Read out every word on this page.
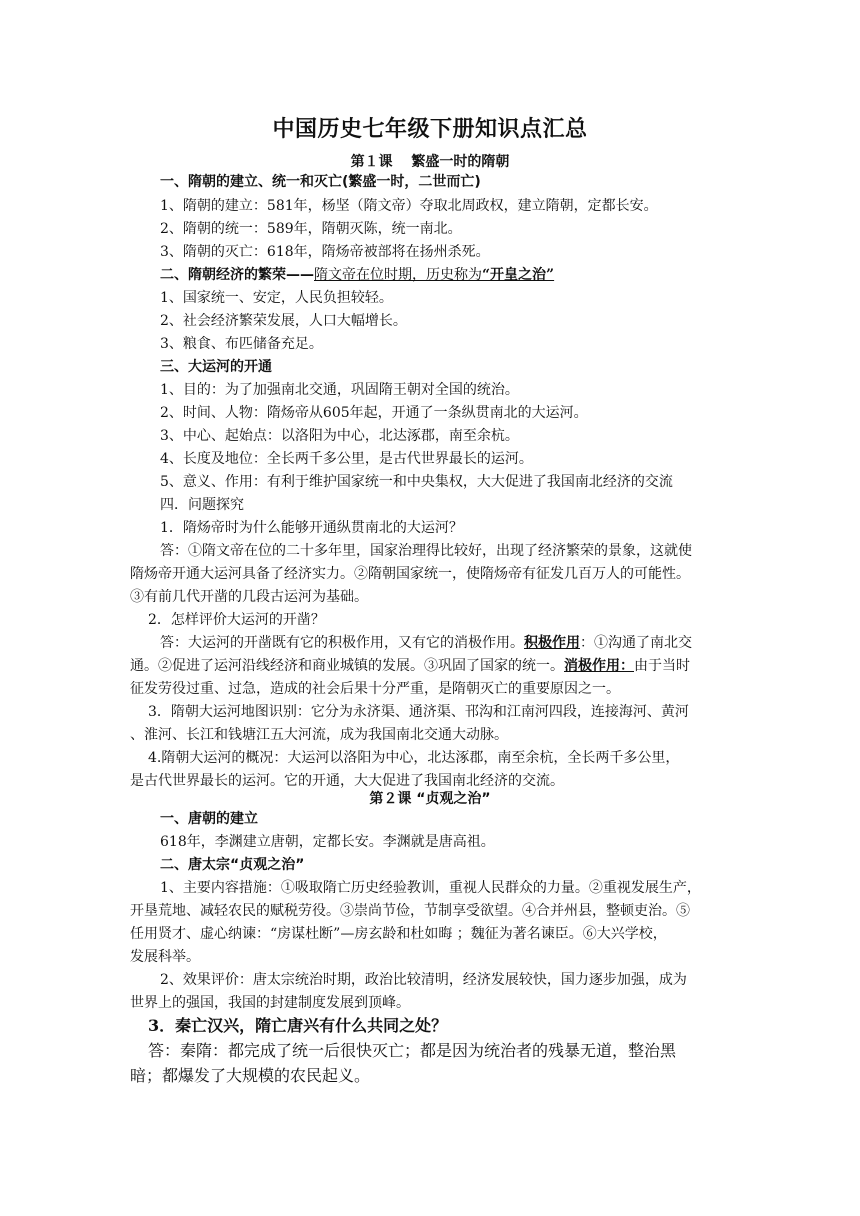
中国历史七年级下册知识点汇总
第１课　 繁盛一时的隋朝
一、隋朝的建立、统一和灭亡(繁盛一时，二世而亡)
1、隋朝的建立：581年，杨坚（隋文帝）夺取北周政权，建立隋朝，定都长安。
2、隋朝的统一：589年，隋朝灭陈，统一南北。
3、隋朝的灭亡：618年，隋炀帝被部将在扬州杀死。
二、隋朝经济的繁荣——隋文帝在位时期，历史称为“开皇之治”
1、国家统一、安定，人民负担较轻。
2、社会经济繁荣发展，人口大幅增长。
3、粮食、布匹储备充足。
三、大运河的开通
1、目的：为了加强南北交通，巩固隋王朝对全国的统治。
2、时间、人物：隋炀帝从605年起，开通了一条纵贯南北的大运河。
3、中心、起始点：以洛阳为中心，北达涿郡，南至余杭。
4、长度及地位：全长两千多公里，是古代世界最长的运河。
5、意义、作用：有利于维护国家统一和中央集权，大大促进了我国南北经济的交流
四．问题探究
1．隋炀帝时为什么能够开通纵贯南北的大运河？
答：①隋文帝在位的二十多年里，国家治理得比较好，出现了经济繁荣的景象，这就使
隋炀帝开通大运河具备了经济实力。②隋朝国家统一，使隋炀帝有征发几百万人的可能性。
③有前几代开凿的几段古运河为基础。
2．怎样评价大运河的开凿？
答：大运河的开凿既有它的积极作用，又有它的消极作用。积极作用：①沟通了南北交
通。②促进了运河沿线经济和商业城镇的发展。③巩固了国家的统一。消极作用：由于当时
征发劳役过重、过急，造成的社会后果十分严重，是隋朝灭亡的重要原因之一。
3．隋朝大运河地图识别：它分为永济渠、通济渠、邗沟和江南河四段，连接海河、黄河
、淮河、长江和钱塘江五大河流，成为我国南北交通大动脉。
4.隋朝大运河的概况：大运河以洛阳为中心，北达涿郡，南至余杭，全长两千多公里，
是古代世界最长的运河。它的开通，大大促进了我国南北经济的交流。
第２课 “贞观之治”
一、唐朝的建立
618年，李渊建立唐朝，定都长安。李渊就是唐高祖。
二、唐太宗“贞观之治”
1、主要内容措施：①吸取隋亡历史经验教训，重视人民群众的力量。②重视发展生产，
开垦荒地、减轻农民的赋税劳役。③崇尚节俭，节制享受欲望。④合并州县，整顿吏治。⑤
任用贤才、虚心纳谏：“房谋杜断”—房玄龄和杜如晦 ；魏征为著名谏臣。⑥大兴学校，
发展科举。
2、效果评价：唐太宗统治时期，政治比较清明，经济发展较快，国力逐步加强，成为
世界上的强国，我国的封建制度发展到顶峰。
3．秦亡汉兴，隋亡唐兴有什么共同之处？
答：秦隋：都完成了统一后很快灭亡；都是因为统治者的残暴无道，整治黑
暗；都爆发了大规模的农民起义。
